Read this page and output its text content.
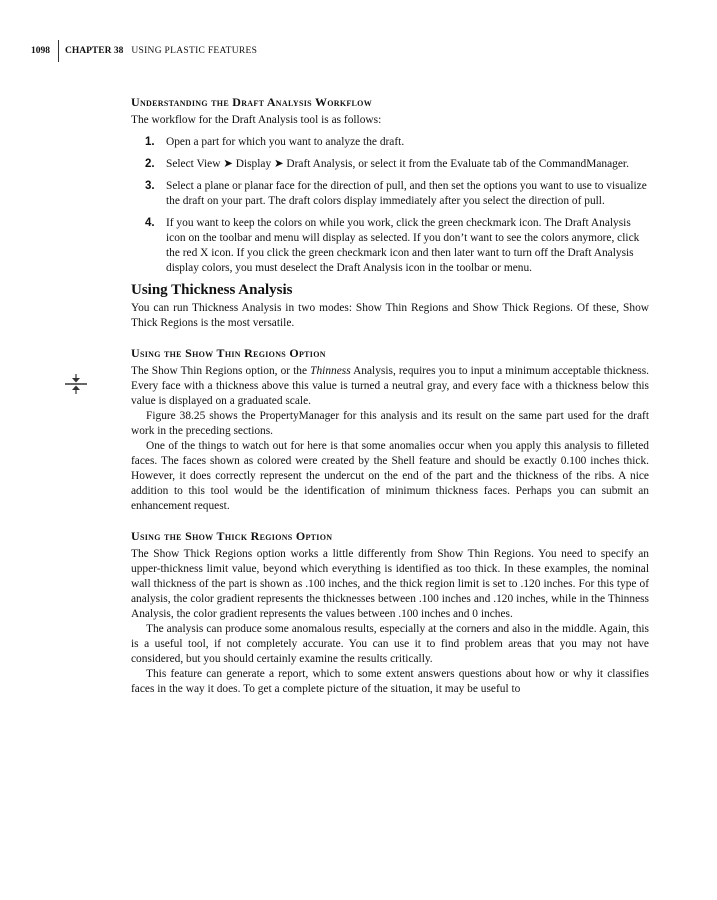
1098	CHAPTER 38 USING PLASTIC FEATURES
Understanding the Draft Analysis Workflow

The workflow for the Draft Analysis tool is as follows:

1. Open a part for which you want to analyze the draft.
2. Select View ➤ Display ➤ Draft Analysis, or select it from the Evaluate tab of the CommandManager.
3. Select a plane or planar face for the direction of pull, and then set the options you want to use to visualize the draft on your part. The draft colors display immediately after you select the direction of pull.
4. If you want to keep the colors on while you work, click the green checkmark icon. The Draft Analysis icon on the toolbar and menu will display as selected. If you don’t want to see the colors anymore, click the red X icon. If you click the green checkmark icon and then later want to turn off the Draft Analysis display colors, you must deselect the Draft Analysis icon in the toolbar or menu.
Using Thickness Analysis

You can run Thickness Analysis in two modes: Show Thin Regions and Show Thick Regions. Of these, Show Thick Regions is the most versatile.

Using the Show Thin Regions Option

The Show Thin Regions option, or the Thinness Analysis, requires you to input a minimum acceptable thickness. Every face with a thickness above this value is turned a neutral gray, and every face with a thickness below this value is displayed on a graduated scale.

Figure 38.25 shows the PropertyManager for this analysis and its result on the same part used for the draft work in the preceding sections.

One of the things to watch out for here is that some anomalies occur when you apply this analysis to filleted faces. The faces shown as colored were created by the Shell feature and should be exactly 0.100 inches thick. However, it does correctly represent the undercut on the end of the part and the thickness of the ribs. A nice addition to this tool would be the identification of minimum thickness faces. Perhaps you can submit an enhancement request.

Using the Show Thick Regions Option

The Show Thick Regions option works a little differently from Show Thin Regions. You need to specify an upper-thickness limit value, beyond which everything is identified as too thick. In these examples, the nominal wall thickness of the part is shown as .100 inches, and the thick region limit is set to .120 inches. For this type of analysis, the color gradient represents the thicknesses between .100 inches and .120 inches, while in the Thinness Analysis, the color gradient represents the values between .100 inches and 0 inches.

The analysis can produce some anomalous results, especially at the corners and also in the middle. Again, this is a useful tool, if not completely accurate. You can use it to find problem areas that you may not have considered, but you should certainly examine the results critically.

This feature can generate a report, which to some extent answers questions about how or why it classifies faces in the way it does. To get a complete picture of the situation, it may be useful to
